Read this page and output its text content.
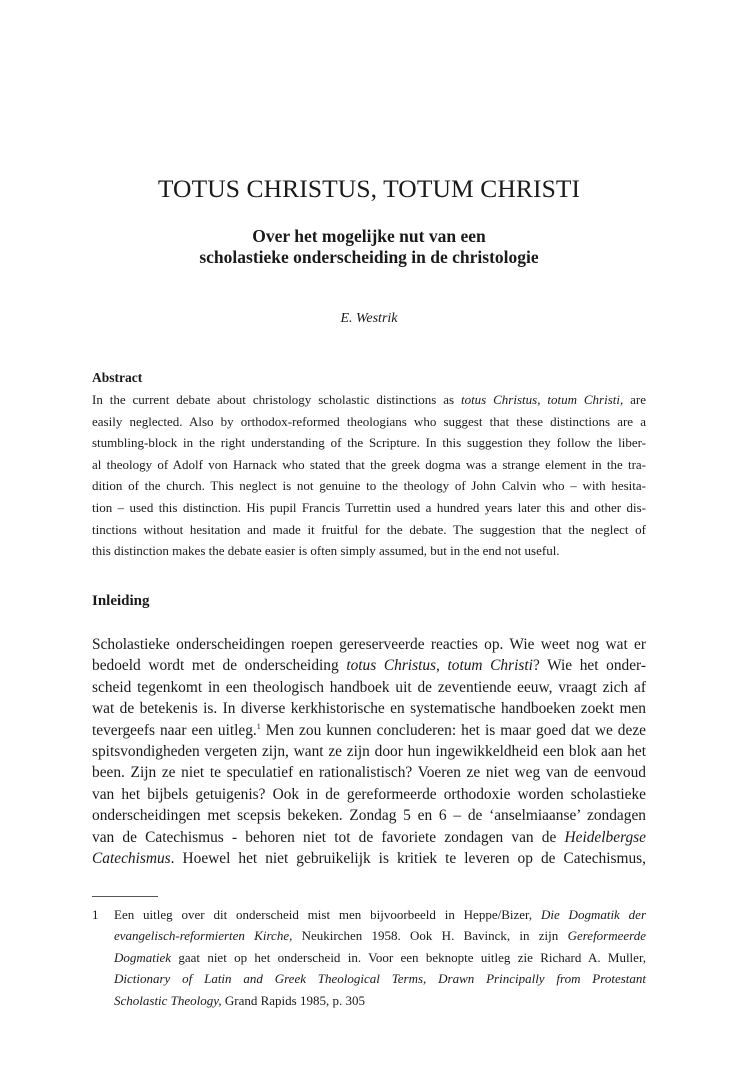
TOTUS CHRISTUS, TOTUM CHRISTI
Over het mogelijke nut van een
scholastieke onderscheiding in de christologie
E. Westrik
Abstract
In the current debate about christology scholastic distinctions as totus Christus, totum Christi, are
easily neglected. Also by orthodox-reformed theologians who suggest that these distinctions are a
stumbling-block in the right understanding of the Scripture. In this suggestion they follow the liber-
al theology of Adolf von Harnack who stated that the greek dogma was a strange element in the tra-
dition of the church. This neglect is not genuine to the theology of John Calvin who – with hesita-
tion – used this distinction. His pupil Francis Turrettin used a hundred years later this and other dis-
tinctions without hesitation and made it fruitful for the debate. The suggestion that the neglect of
this distinction makes the debate easier is often simply assumed, but in the end not useful.
Inleiding
Scholastieke onderscheidingen roepen gereserveerde reacties op. Wie weet nog wat er
bedoeld wordt met de onderscheiding totus Christus, totum Christi? Wie het onder-
scheid tegenkomt in een theologisch handboek uit de zeventiende eeuw, vraagt zich af
wat de betekenis is. In diverse kerkhistorische en systematische handboeken zoekt men
tevergeefs naar een uitleg.$^1$ Men zou kunnen concluderen: het is maar goed dat we deze
spitsvondigheden vergeten zijn, want ze zijn door hun ingewikkeldheid een blok aan het
been. Zijn ze niet te speculatief en rationalistisch? Voeren ze niet weg van de eenvoud
van het bijbels getuigenis? Ook in de gereformeerde orthodoxie worden scholastieke
onderscheidingen met scepsis bekeken. Zondag 5 en 6 – de ‘anselmiaanse’ zondagen
van de Catechismus - behoren niet tot de favoriete zondagen van de Heidelbergse
Catechismus. Hoewel het niet gebruikelijk is kritiek te leveren op de Catechismus,
1 Een uitleg over dit onderscheid mist men bijvoorbeeld in Heppe/Bizer, Die Dogmatik der
evangelisch-reformierten Kirche, Neukirchen 1958. Ook H. Bavinck, in zijn Gereformeerde
Dogmatiek gaat niet op het onderscheid in. Voor een beknopte uitleg zie Richard A. Muller,
Dictionary of Latin and Greek Theological Terms, Drawn Principally from Protestant
Scholastic Theology, Grand Rapids 1985, p. 305
